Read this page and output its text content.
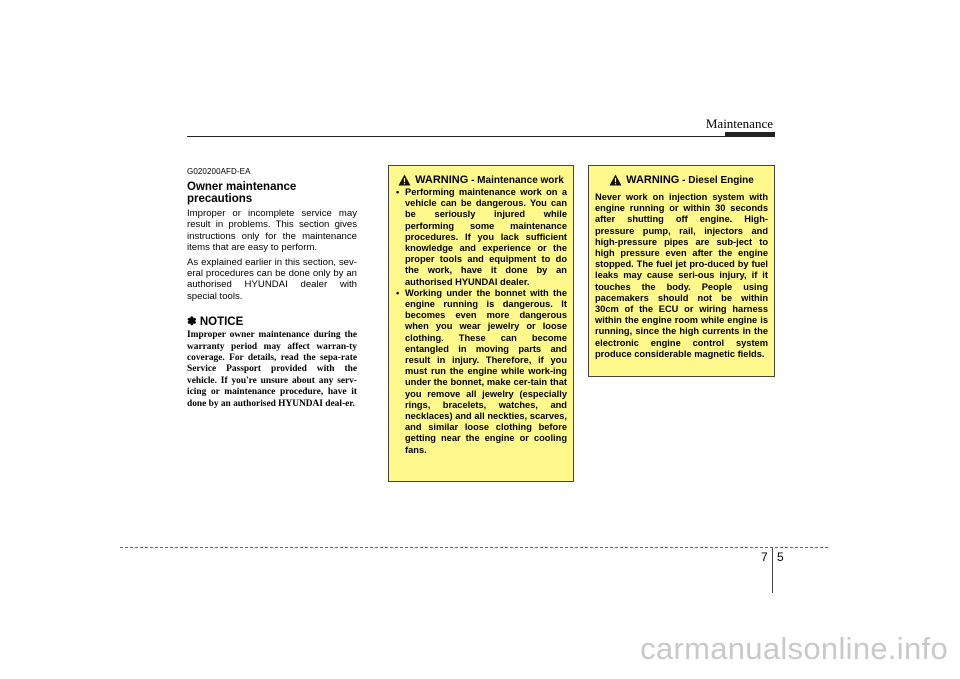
Maintenance
G020200AFD-EA
Owner maintenance precautions

Improper or incomplete service may result in problems. This section gives instructions only for the maintenance items that are easy to perform.

As explained earlier in this section, sev-eral procedures can be done only by an authorised HYUNDAI dealer with special tools.

✽ NOTICE
Improper owner maintenance during the warranty period may affect warran-ty coverage. For details, read the sepa-rate Service Passport provided with the vehicle. If you're unsure about any serv-icing or maintenance procedure, have it done by an authorised HYUNDAI deal-er.
WARNING - Maintenance work
• Performing maintenance work on a vehicle can be dangerous. You can be seriously injured while performing some maintenance procedures. If you lack sufficient knowledge and experience or the proper tools and equipment to do the work, have it done by an authorised HYUNDAI dealer.
• Working under the bonnet with the engine running is dangerous. It becomes even more dangerous when you wear jewelry or loose clothing. These can become entangled in moving parts and result in injury. Therefore, if you must run the engine while work-ing under the bonnet, make cer-tain that you remove all jewelry (especially rings, bracelets, watches, and necklaces) and all neckties, scarves, and similar loose clothing before getting near the engine or cooling fans.
WARNING - Diesel Engine
Never work on injection system with engine running or within 30 seconds after shutting off engine. High-pressure pump, rail, injectors and high-pressure pipes are sub-ject to high pressure even after the engine stopped. The fuel jet pro-duced by fuel leaks may cause seri-ous injury, if it touches the body. People using pacemakers should not be within 30cm of the ECU or wiring harness within the engine room while engine is running, since the high currents in the electronic engine control system produce considerable magnetic fields.
7 5
carmanualsonline.info
